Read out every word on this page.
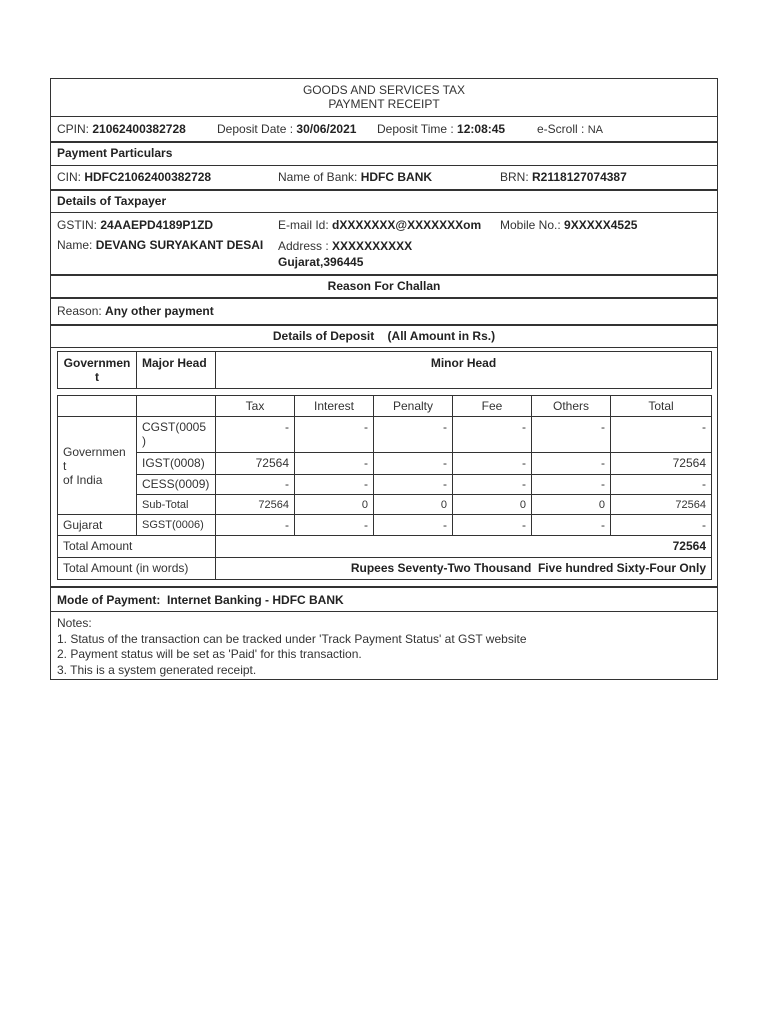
GOODS AND SERVICES TAX
PAYMENT RECEIPT
CPIN: 21062400382728	Deposit Date : 30/06/2021 Deposit Time : 12:08:45	e-Scroll : NA
Payment Particulars
CIN: HDFC21062400382728	Name of Bank: HDFC BANK	BRN: R2118127074387
Details of Taxpayer
GSTIN: 24AAEPD4189P1ZD	E-mail Id: dXXXXXXX@XXXXXXXom Mobile No.: 9XXXXX4525
Name: DEVANG SURYAKANT DESAI Address : XXXXXXXXXX
Gujarat,396445
Reason For Challan
Reason: Any other payment
Details of Deposit    (All Amount in Rs.)
Governmen t	Major Head	Minor Head
		Tax	Interest	Penalty	Fee	Others	Total
Governmen t
of India	CGST(0005 )	-	-	-	-	-	-
	IGST(0008)	72564	-	-	-	-	72564
	CESS(0009)	-	-	-	-	-	-
	Sub-Total	72564	0	0	0	0	72564
Gujarat	SGST(0006)	-	-	-	-	-	-
Total Amount		72564					
Total Amount (in words)		Rupees Seventy-Two Thousand  Five hundred Sixty-Four Only					
Mode of Payment: Internet Banking - HDFC BANK
Notes:
1. Status of the transaction can be tracked under 'Track Payment Status' at GST website
2. Payment status will be set as 'Paid' for this transaction.
3. This is a system generated receipt.
